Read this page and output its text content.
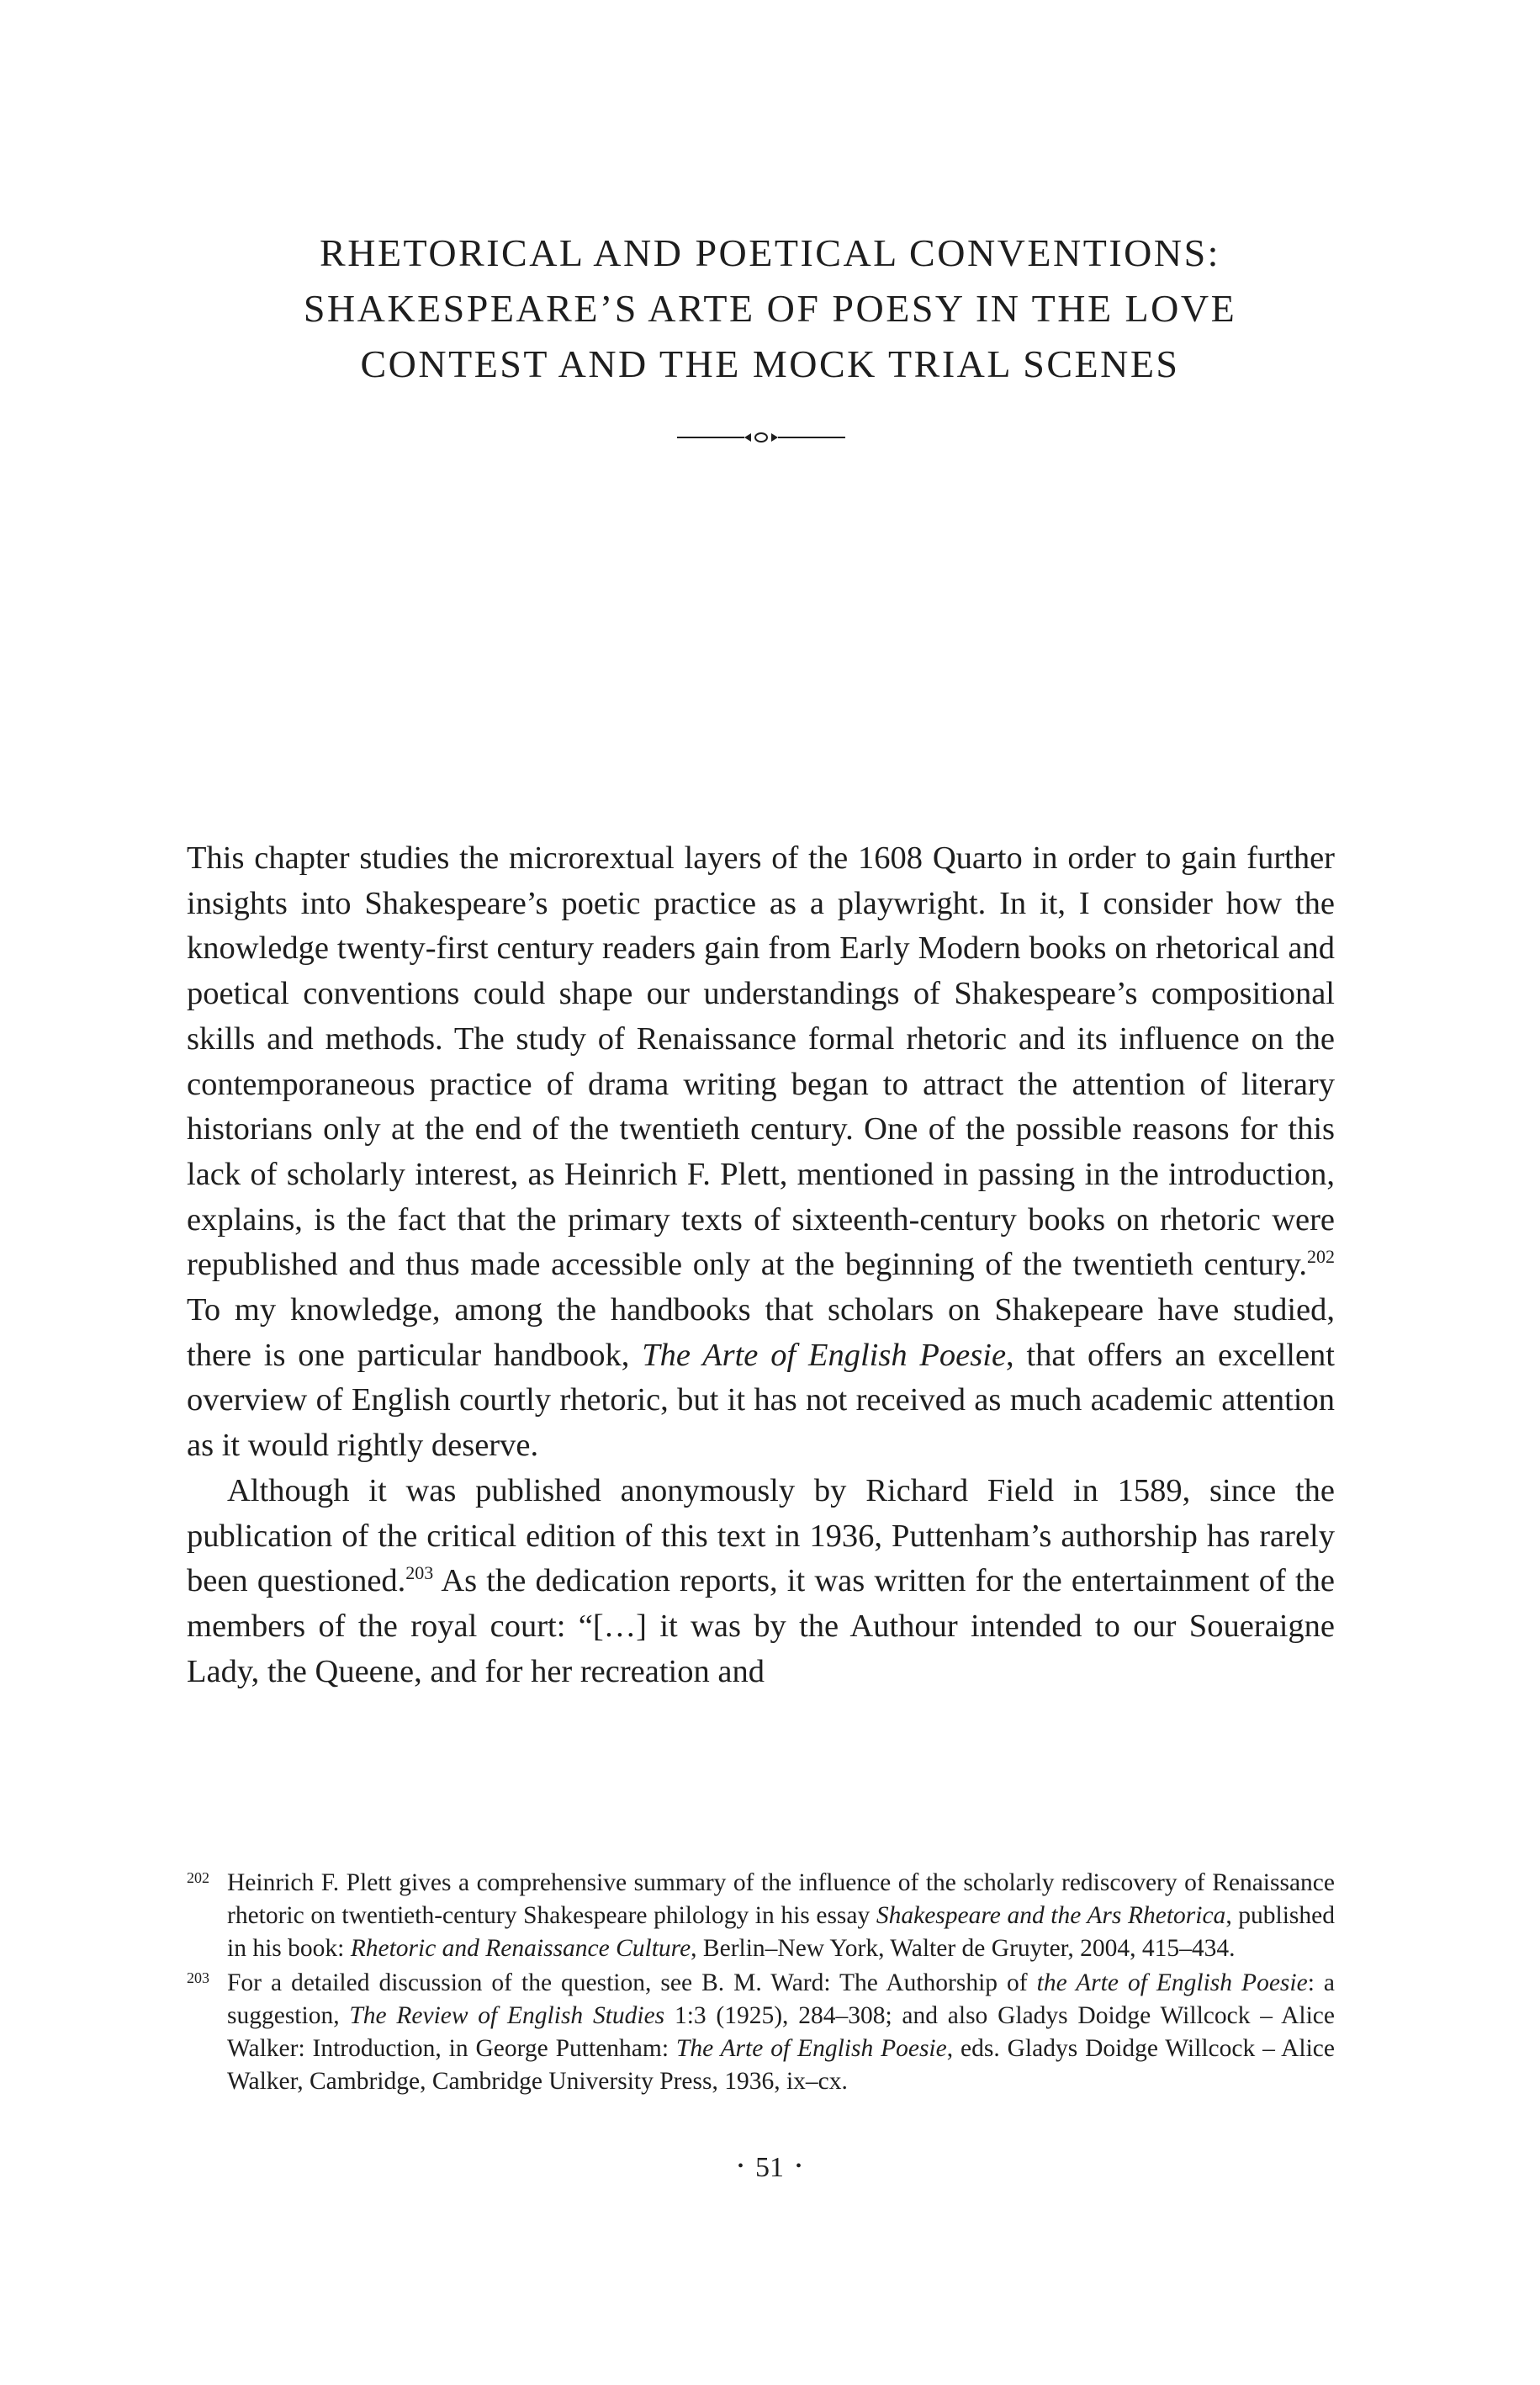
RHETORICAL AND POETICAL CONVENTIONS:
SHAKESPEARE’S ARTE OF POESY IN THE LOVE
CONTEST AND THE MOCK TRIAL SCENES

This chapter studies the microrextual layers of the 1608 Quarto in order to gain further insights into Shakespeare’s poetic practice as a playwright. In it, I consider how the knowledge twenty-first century readers gain from Early Modern books on rhetorical and poetical conventions could shape our understandings of Shakespeare’s compositional skills and methods. The study of Renaissance formal rhetoric and its influence on the contemporaneous practice of drama writing began to attract the attention of literary historians only at the end of the twentieth century. One of the possible reasons for this lack of scholarly interest, as Heinrich F. Plett, mentioned in passing in the introduction, explains, is the fact that the primary texts of sixteenth-century books on rhetoric were republished and thus made accessible only at the beginning of the twentieth century.$^{202}$ To my knowledge, among the handbooks that scholars on Shakepeare have studied, there is one particular handbook, The Arte of English Poesie, that offers an excellent overview of English courtly rhetoric, but it has not received as much academic attention as it would rightly deserve.

Although it was published anonymously by Richard Field in 1589, since the publication of the critical edition of this text in 1936, Puttenham’s authorship has rarely been questioned.$^{203}$ As the dedication reports, it was written for the entertainment of the members of the royal court: “[…] it was by the Authour intended to our Soueraigne Lady, the Queene, and for her recreation and

202 Heinrich F. Plett gives a comprehensive summary of the influence of the scholarly rediscovery of Renaissance rhetoric on twentieth-century Shakespeare philology in his essay Shakespeare and the Ars Rhetorica, published in his book: Rhetoric and Renaissance Culture, Berlin–New York, Walter de Gruyter, 2004, 415–434.

203 For a detailed discussion of the question, see B. M. Ward: The Authorship of the Arte of English Poesie: a suggestion, The Review of English Studies 1:3 (1925), 284–308; and also Gladys Doidge Willcock – Alice Walker: Introduction, in George Puttenham: The Arte of English Poesie, eds. Gladys Doidge Willcock – Alice Walker, Cambridge, Cambridge University Press, 1936, ix–cx.

• 51 •
